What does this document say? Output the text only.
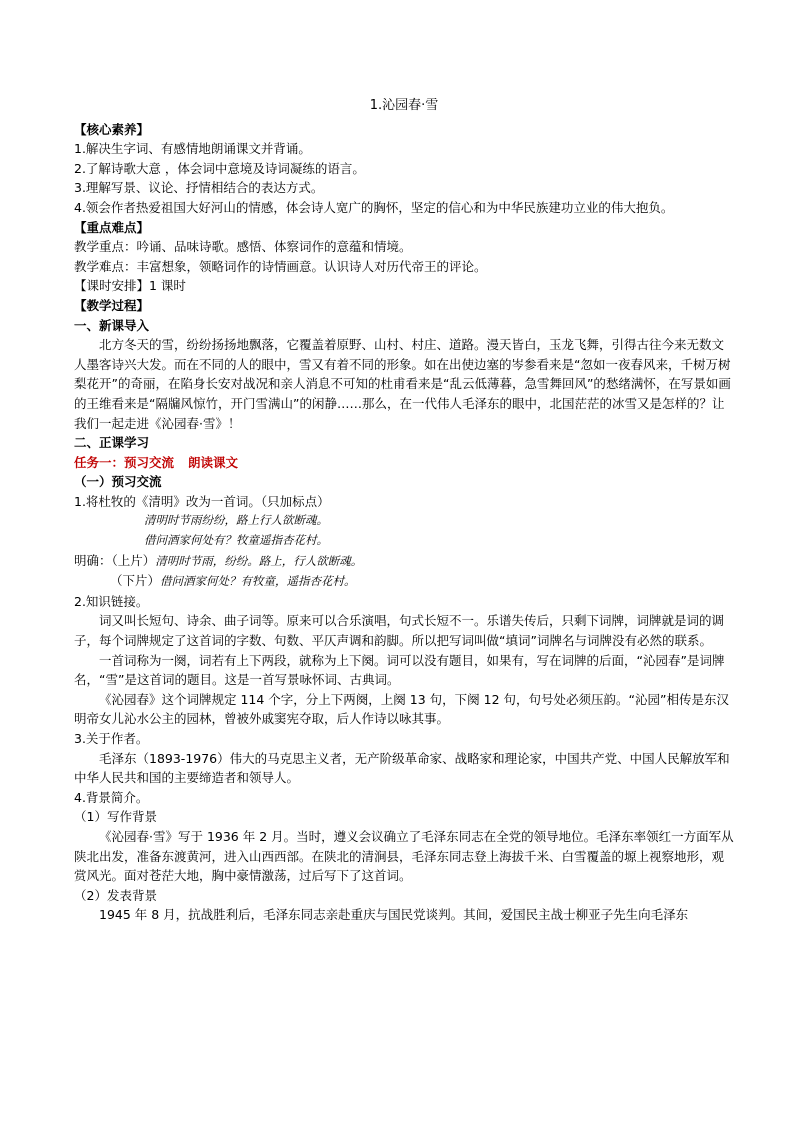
1.沁园春·雪
【核心素养】
1.解决生字词、有感情地朗诵课文并背诵。
2.了解诗歌大意 ，体会词中意境及诗词凝练的语言。
3.理解写景、议论、抒情相结合的表达方式。
4.领会作者热爱祖国大好河山的情感，体会诗人宽广的胸怀，坚定的信心和为中华民族建功立业的伟大抱负。
【重点难点】
教学重点：吟诵、品味诗歌。感悟、体察词作的意蕴和情境。
教学难点：丰富想象，领略词作的诗情画意。认识诗人对历代帝王的评论。
【课时安排】1 课时
【教学过程】
一、新课导入
北方冬天的雪，纷纷扬扬地飘落，它覆盖着原野、山村、村庄、道路。漫天皆白，玉龙飞舞，引得古往今来无数文人墨客诗兴大发。而在不同的人的眼中，雪又有着不同的形象。如在出使边塞的岑参看来是“忽如一夜春风来，千树万树梨花开”的奇丽，在陷身长安对战况和亲人消息不可知的杜甫看来是“乱云低薄暮，急雪舞回风”的愁绪满怀，在写景如画的王维看来是“隔牖风惊竹，开门雪满山”的闲静……那么，在一代伟人毛泽东的眼中，北国茫茫的冰雪又是怎样的？让我们一起走进《沁园春·雪》！
二、正课学习
任务一：预习交流 朗读课文
（一）预习交流
1.将杜牧的《清明》改为一首词。（只加标点）
清明时节雨纷纷，路上行人欲断魂。
借问酒家何处有？牧童遥指杏花村。
明确：（上片）清明时节雨，纷纷。路上，行人欲断魂。
（下片）借问酒家何处？有牧童，遥指杏花村。
2.知识链接。
词又叫长短句、诗余、曲子词等。原来可以合乐演唱，句式长短不一。乐谱失传后，只剩下词牌，词牌就是词的调子，每个词牌规定了这首词的字数、句数、平仄声调和韵脚。所以把写词叫做“填词”词牌名与词牌没有必然的联系。
一首词称为一阕，词若有上下两段，就称为上下阕。词可以没有题目，如果有，写在词牌的后面，“沁园春”是词牌名，“雪”是这首词的题目。这是一首写景咏怀词、古典词。
《沁园春》这个词牌规定 114 个字，分上下两阕，上阕 13 句，下阕 12 句，句号处必须压韵。“沁园”相传是东汉明帝女儿沁水公主的园林，曾被外戚窦宪夺取，后人作诗以咏其事。
3.关于作者。
毛泽东（1893-1976）伟大的马克思主义者，无产阶级革命家、战略家和理论家，中国共产党、中国人民解放军和中华人民共和国的主要缔造者和领导人。
4.背景简介。
（1）写作背景
《沁园春·雪》写于 1936 年 2 月。当时，遵义会议确立了毛泽东同志在全党的领导地位。毛泽东率领红一方面军从陕北出发，准备东渡黄河，进入山西西部。在陕北的清涧县，毛泽东同志登上海拔千米、白雪覆盖的塬上视察地形，观赏风光。面对苍茫大地，胸中豪情激荡，过后写下了这首词。
（2）发表背景
1945 年 8 月，抗战胜利后，毛泽东同志亲赴重庆与国民党谈判。其间，爱国民主战士柳亚子先生向毛泽东
